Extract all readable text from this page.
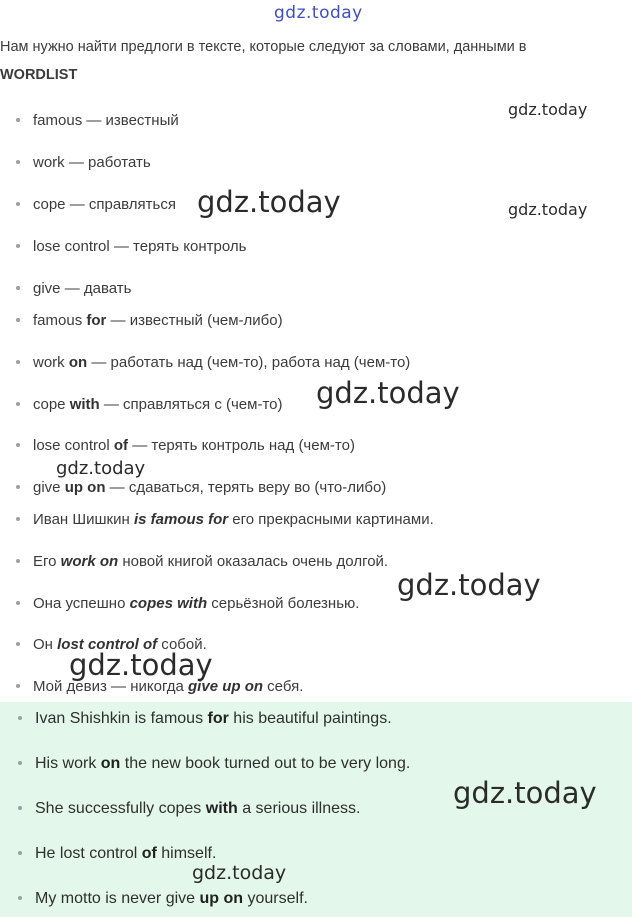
gdz.today
gdz.today
gdz.today
gdz.today
gdz.today
gdz.today
gdz.today
gdz.today
gdz.today
gdz.today
Нам нужно найти предлоги в тексте, которые следуют за словами, данными в
WORDLIST
famous — известный
work — работать
cope — справляться
lose control — терять контроль
give — давать
famous for — известный (чем-либо)
work on — работать над (чем-то), работа над (чем-то)
cope with — справляться с (чем-то)
lose control of — терять контроль над (чем-то)
give up on — сдаваться, терять веру во (что-либо)
Иван Шишкин is famous for его прекрасными картинами.
Его work on новой книгой оказалась очень долгой.
Она успешно copes with серьёзной болезнью.
Он lost control of собой.
Мой девиз — никогда give up on себя.
Ivan Shishkin is famous for his beautiful paintings.
His work on the new book turned out to be very long.
She successfully copes with a serious illness.
He lost control of himself.
My motto is never give up on yourself.
